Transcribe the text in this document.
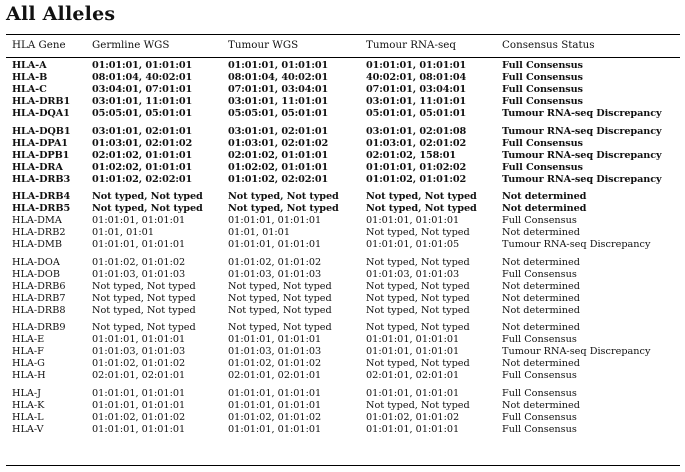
All Alleles
HLA Gene	Germline WGS	Tumour WGS	Tumour RNA-seq	Consensus Status
HLA-A	01:01:01, 01:01:01	01:01:01, 01:01:01	01:01:01, 01:01:01	Full Consensus
HLA-B	08:01:04, 40:02:01	08:01:04, 40:02:01	40:02:01, 08:01:04	Full Consensus
HLA-C	03:04:01, 07:01:01	07:01:01, 03:04:01	07:01:01, 03:04:01	Full Consensus
HLA-DRB1 03:01:01, 11:01:01	03:01:01, 11:01:01	03:01:01, 11:01:01	Full Consensus
HLA-DQA1 05:05:01, 05:01:01	05:05:01, 05:01:01	05:01:01, 05:01:01	Tumour RNA-seq Discrepancy
HLA-DQB1 03:01:01, 02:01:01	03:01:01, 02:01:01	03:01:01, 02:01:08	Tumour RNA-seq Discrepancy
HLA-DPA1 01:03:01, 02:01:02	01:03:01, 02:01:02	01:03:01, 02:01:02	Full Consensus
HLA-DPB1 02:01:02, 01:01:01	02:01:02, 01:01:01	02:01:02, 158:01	Tumour RNA-seq Discrepancy
HLA-DRA	01:02:02, 01:01:01	01:02:02, 01:01:01	01:01:01, 01:02:02	Full Consensus
HLA-DRB3 01:01:02, 02:02:01	01:01:02, 02:02:01	01:01:02, 01:01:02	Tumour RNA-seq Discrepancy
HLA-DRB4 Not typed, Not typed	Not typed, Not typed	Not typed, Not typed	Not determined
HLA-DRB5 Not typed, Not typed	Not typed, Not typed	Not typed, Not typed	Not determined
HLA-DMA	01:01:01, 01:01:01	01:01:01, 01:01:01	01:01:01, 01:01:01	Full Consensus
HLA-DRB2	01:01, 01:01	01:01, 01:01	Not typed, Not typed	Not determined
HLA-DMB	01:01:01, 01:01:01	01:01:01, 01:01:01	01:01:01, 01:01:05	Tumour RNA-seq Discrepancy
HLA-DOA	01:01:02, 01:01:02	01:01:02, 01:01:02	Not typed, Not typed	Not determined
HLA-DOB	01:01:03, 01:01:03	01:01:03, 01:01:03	01:01:03, 01:01:03	Full Consensus
HLA-DRB6	Not typed, Not typed	Not typed, Not typed	Not typed, Not typed	Not determined
HLA-DRB7	Not typed, Not typed	Not typed, Not typed	Not typed, Not typed	Not determined
HLA-DRB8	Not typed, Not typed	Not typed, Not typed	Not typed, Not typed	Not determined
HLA-DRB9	Not typed, Not typed	Not typed, Not typed	Not typed, Not typed	Not determined
HLA-E	01:01:01, 01:01:01	01:01:01, 01:01:01	01:01:01, 01:01:01	Full Consensus
HLA-F	01:01:03, 01:01:03	01:01:03, 01:01:03	01:01:01, 01:01:01	Tumour RNA-seq Discrepancy
HLA-G	01:01:02, 01:01:02	01:01:02, 01:01:02	Not typed, Not typed	Not determined
HLA-H	02:01:01, 02:01:01	02:01:01, 02:01:01	02:01:01, 02:01:01	Full Consensus
HLA-J	01:01:01, 01:01:01	01:01:01, 01:01:01	01:01:01, 01:01:01	Full Consensus
HLA-K	01:01:01, 01:01:01	01:01:01, 01:01:01	Not typed, Not typed	Not determined
HLA-L	01:01:02, 01:01:02	01:01:02, 01:01:02	01:01:02, 01:01:02	Full Consensus
HLA-V	01:01:01, 01:01:01	01:01:01, 01:01:01	01:01:01, 01:01:01	Full Consensus
